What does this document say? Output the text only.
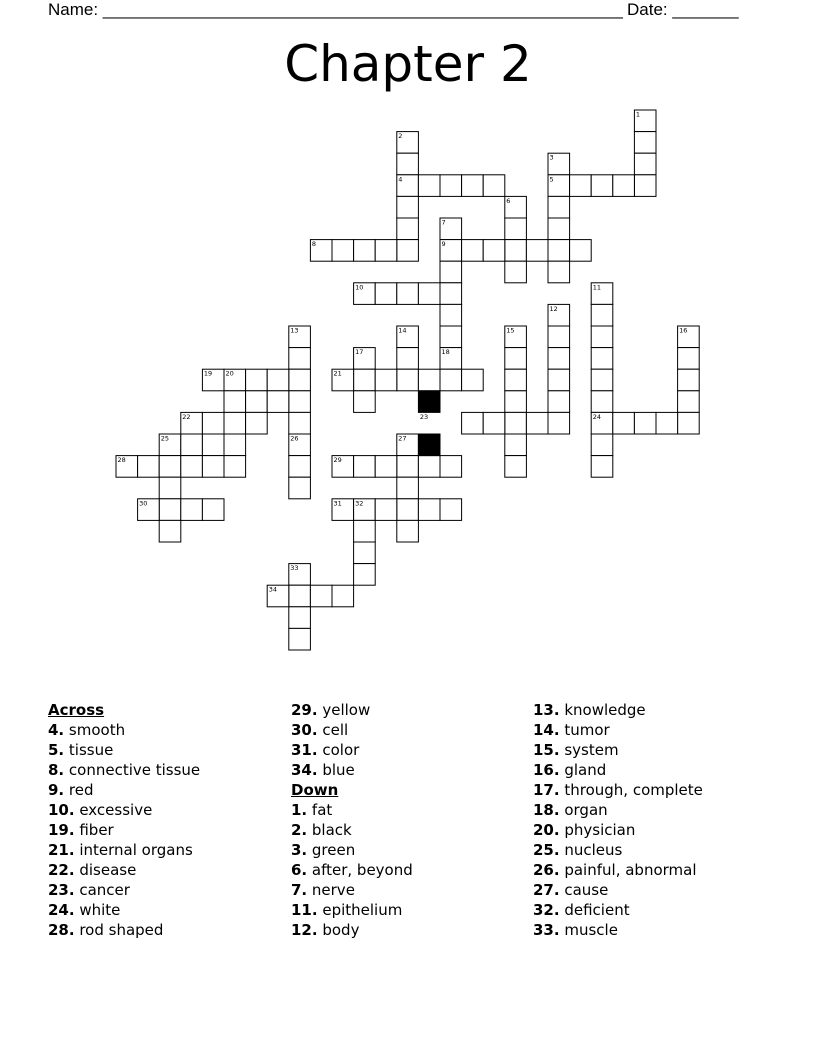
Name: _______________________________________________________ Date: _______
Chapter 2
1
2
3
4	5
6
7
8	9
10	11
12
13	14	15	16
17	18
19 20	21
22	23	24
25	26	27
28	29
30	31 32
33
34
Across
4. smooth
5. tissue
8. connective tissue
9. red
10. excessive
19. fiber
21. internal organs
22. disease
23. cancer
24. white
28. rod shaped
29. yellow
30. cell
31. color
34. blue
Down
1. fat
2. black
3. green
6. after, beyond
7. nerve
11. epithelium
12. body
13. knowledge
14. tumor
15. system
16. gland
17. through, complete
18. organ
20. physician
25. nucleus
26. painful, abnormal
27. cause
32. deficient
33. muscle
